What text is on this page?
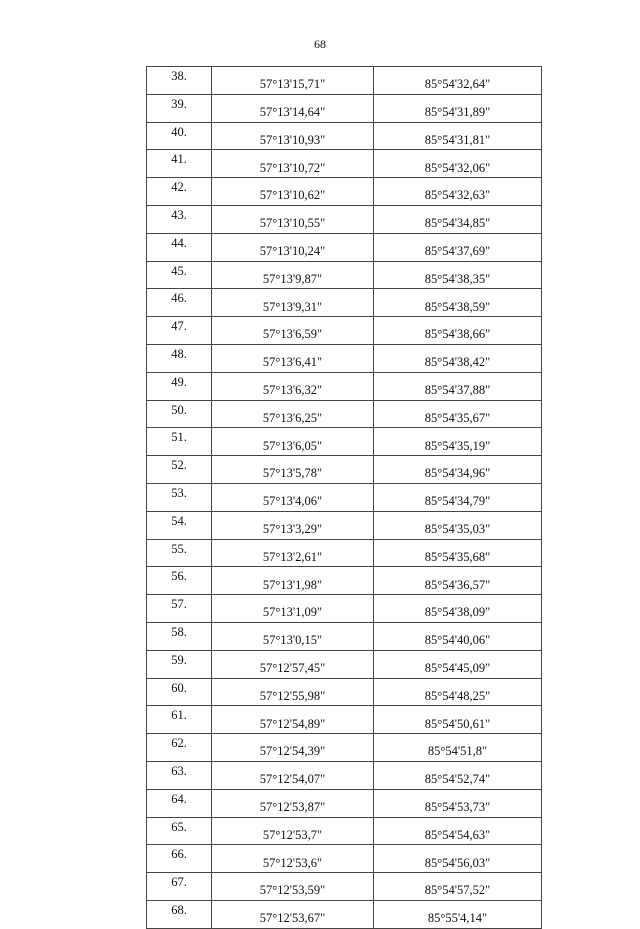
68
38.	57°13'15,71"	85°54'32,64"
39.	57°13'14,64"	85°54'31,89"
40.	57°13'10,93"	85°54'31,81"
41.	57°13'10,72"	85°54'32,06"
42.	57°13'10,62"	85°54'32,63"
43.	57°13'10,55"	85°54'34,85"
44.	57°13'10,24"	85°54'37,69"
45.	57°13'9,87"	85°54'38,35"
46.	57°13'9,31"	85°54'38,59"
47.	57°13'6,59"	85°54'38,66"
48.	57°13'6,41"	85°54'38,42"
49.	57°13'6,32"	85°54'37,88"
50.	57°13'6,25"	85°54'35,67"
51.	57°13'6,05"	85°54'35,19"
52.	57°13'5,78"	85°54'34,96"
53.	57°13'4,06"	85°54'34,79"
54.	57°13'3,29"	85°54'35,03"
55.	57°13'2,61"	85°54'35,68"
56.	57°13'1,98"	85°54'36,57"
57.	57°13'1,09"	85°54'38,09"
58.	57°13'0,15"	85°54'40,06"
59.	57°12'57,45"	85°54'45,09"
60.	57°12'55,98"	85°54'48,25"
61.	57°12'54,89"	85°54'50,61"
62.	57°12'54,39"	85°54'51,8"
63.	57°12'54,07"	85°54'52,74"
64.	57°12'53,87"	85°54'53,73"
65.	57°12'53,7"	85°54'54,63"
66.	57°12'53,6"	85°54'56,03"
67.	57°12'53,59"	85°54'57,52"
68.	57°12'53,67"	85°55'4,14"
